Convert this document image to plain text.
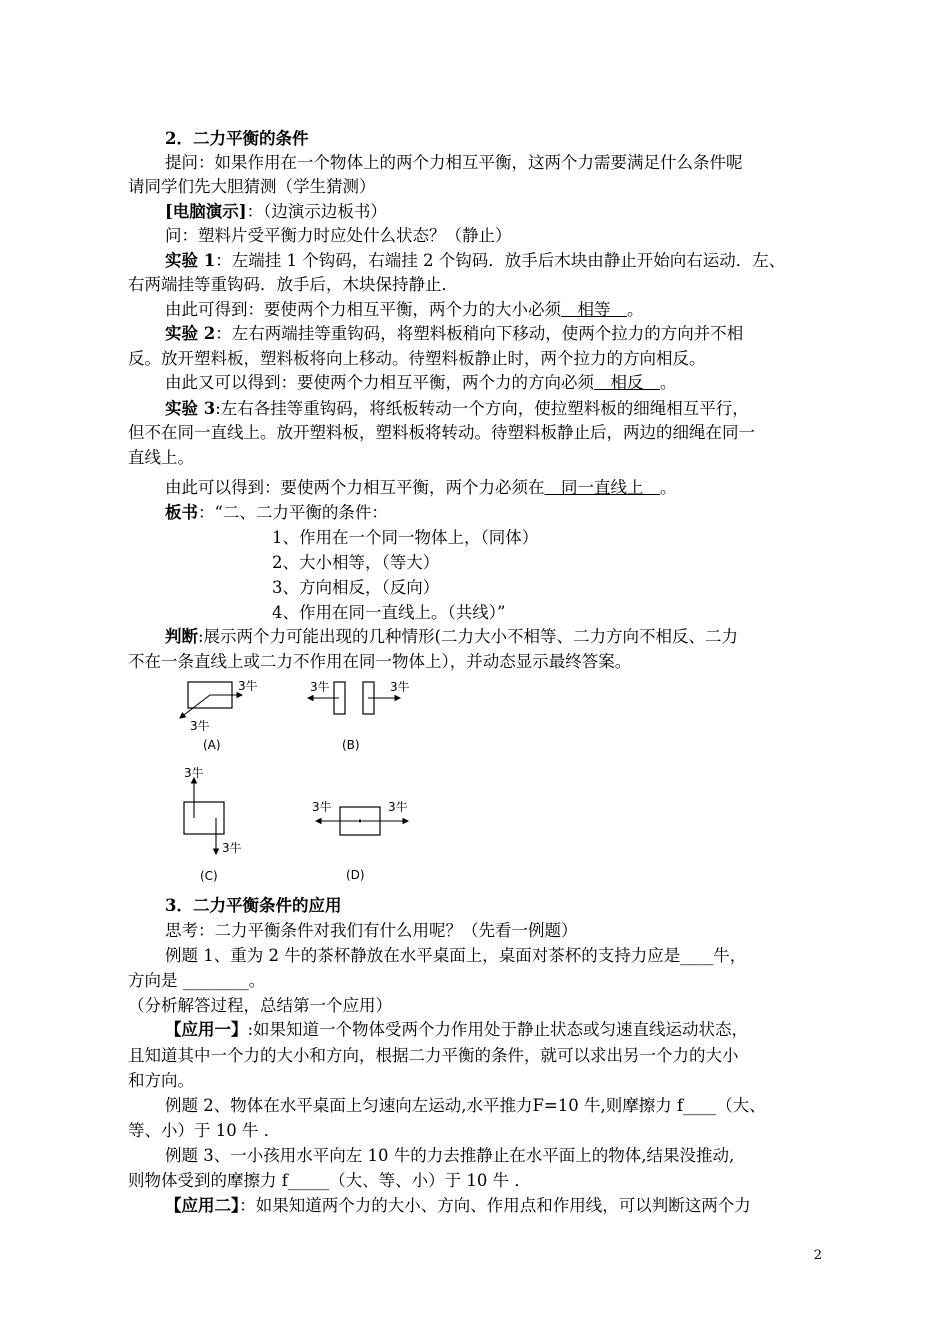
2．二力平衡的条件
提问：如果作用在一个物体上的两个力相互平衡，这两个力需要满足什么条件呢
请同学们先大胆猜测（学生猜测）
[电脑演示]：（边演示边板书）
问：塑料片受平衡力时应处什么状态？（静止）
实验 1：左端挂 1 个钩码，右端挂 2 个钩码．放手后木块由静止开始向右运动．左、
右两端挂等重钩码．放手后，木块保持静止．
由此可得到：要使两个力相互平衡，两个力的大小必须　相等　。
实验 2：左右两端挂等重钩码，将塑料板稍向下移动，使两个拉力的方向并不相
反。放开塑料板，塑料板将向上移动。待塑料板静止时，两个拉力的方向相反。
由此又可以得到：要使两个力相互平衡，两个力的方向必须　相反　。
实验 3:左右各挂等重钩码，将纸板转动一个方向，使拉塑料板的细绳相互平行，
但不在同一直线上。放开塑料板，塑料板将转动。待塑料板静止后，两边的细绳在同一
直线上。
由此可以得到：要使两个力相互平衡，两个力必须在　同一直线上　。
板书：“二、二力平衡的条件：
1、作用在一个同一物体上，（同体）
2、大小相等，（等大）
3、方向相反，（反向）
4、作用在同一直线上。（共线）”
判断:展示两个力可能出现的几种情形(二力大小不相等、二力方向不相反、二力
不在一条直线上或二力不作用在同一物体上），并动态显示最终答案。
3牛
3牛
(A)
3牛	3牛
(B)
3牛
3牛
(C)
3牛	3牛
(D)
3．二力平衡条件的应用
思考：二力平衡条件对我们有什么用呢？（先看一例题）
例题 1、重为 2 牛的茶杯静放在水平桌面上，桌面对茶杯的支持力应是____牛，
方向是 ________。
（分析解答过程，总结第一个应用）
【应用一】:如果知道一个物体受两个力作用处于静止状态或匀速直线运动状态，
且知道其中一个力的大小和方向，根据二力平衡的条件，就可以求出另一个力的大小
和方向。
例题 2、物体在水平桌面上匀速向左运动,水平推力F=10 牛,则摩擦力 f____（大、
等、小）于 10 牛 ．
例题 3、一小孩用水平向左 10 牛的力去推静止在水平面上的物体,结果没推动,
则物体受到的摩擦力 f_____（大、等、小）于 10 牛 ．
【应用二】：如果知道两个力的大小、方向、作用点和作用线，可以判断这两个力
2
